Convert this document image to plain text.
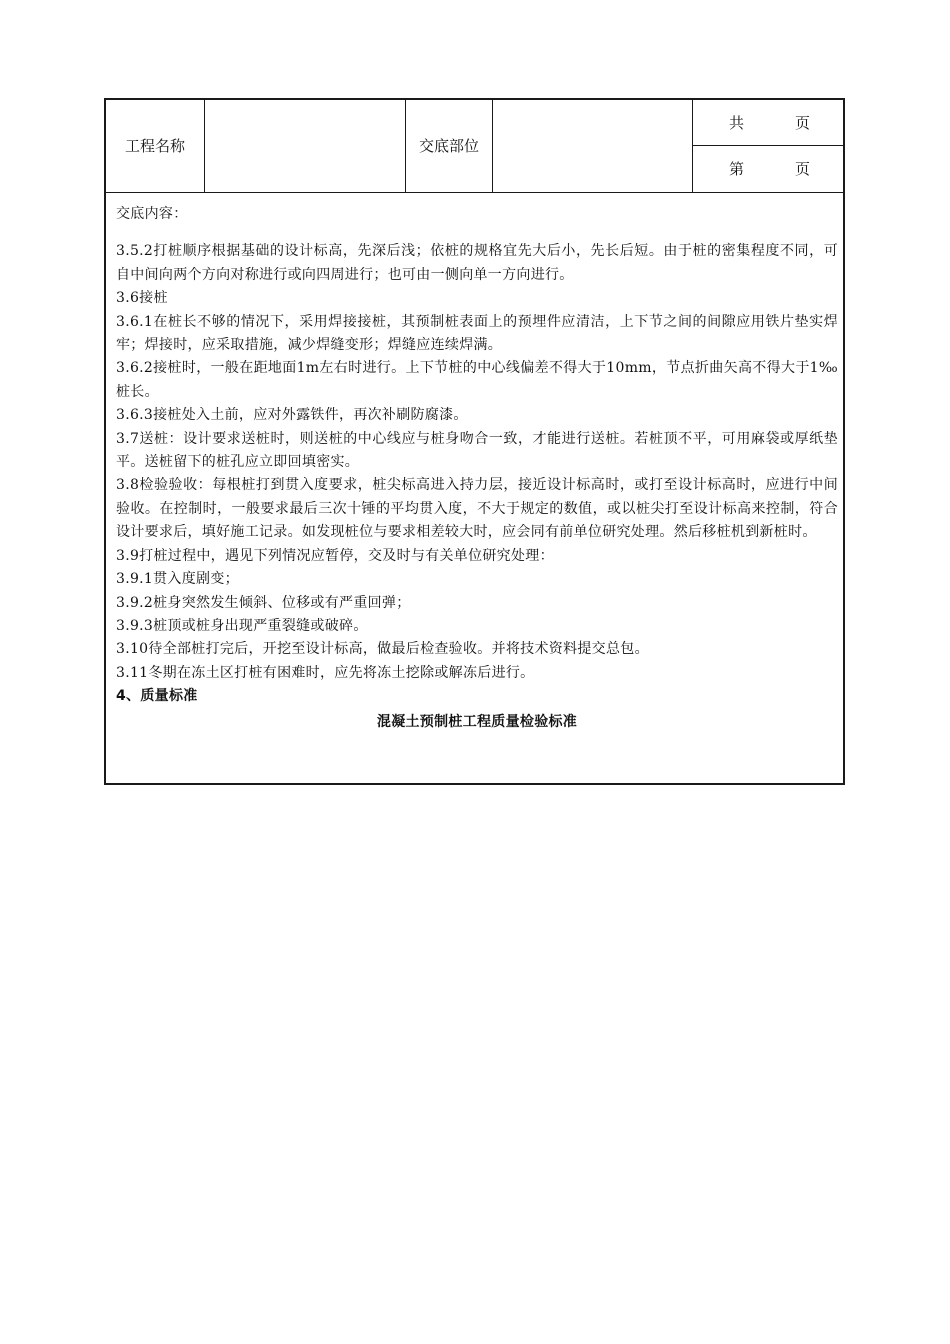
工程名称	交底部位
共	页
第	页

交底内容：

3.5.2打桩顺序根据基础的设计标高，先深后浅；依桩的规格宜先大后小，先长后短。由于桩的密集程度不同，可自中间向两个方向对称进行或向四周进行；也可由一侧向单一方向进行。

3.6接桩

3.6.1在桩长不够的情况下，采用焊接接桩，其预制桩表面上的预埋件应清洁，上下节之间的间隙应用铁片垫实焊牢；焊接时，应采取措施，减少焊缝变形；焊缝应连续焊满。

3.6.2接桩时，一般在距地面1m左右时进行。上下节桩的中心线偏差不得大于10mm，节点折曲矢高不得大于1‰桩长。

3.6.3接桩处入土前，应对外露铁件，再次补刷防腐漆。

3.7送桩：设计要求送桩时，则送桩的中心线应与桩身吻合一致，才能进行送桩。若桩顶不平，可用麻袋或厚纸垫平。送桩留下的桩孔应立即回填密实。

3.8检验验收：每根桩打到贯入度要求，桩尖标高进入持力层，接近设计标高时，或打至设计标高时，应进行中间验收。在控制时，一般要求最后三次十锤的平均贯入度，不大于规定的数值，或以桩尖打至设计标高来控制，符合设计要求后，填好施工记录。如发现桩位与要求相差较大时，应会同有前单位研究处理。然后移桩机到新桩时。

3.9打桩过程中，遇见下列情况应暂停，交及时与有关单位研究处理：

3.9.1贯入度剧变；

3.9.2桩身突然发生倾斜、位移或有严重回弹；

3.9.3桩顶或桩身出现严重裂缝或破碎。

3.10待全部桩打完后，开挖至设计标高，做最后检查验收。并将技术资料提交总包。

3.11冬期在冻土区打桩有困难时，应先将冻土挖除或解冻后进行。

4、质量标准

混凝土预制桩工程质量检验标准
